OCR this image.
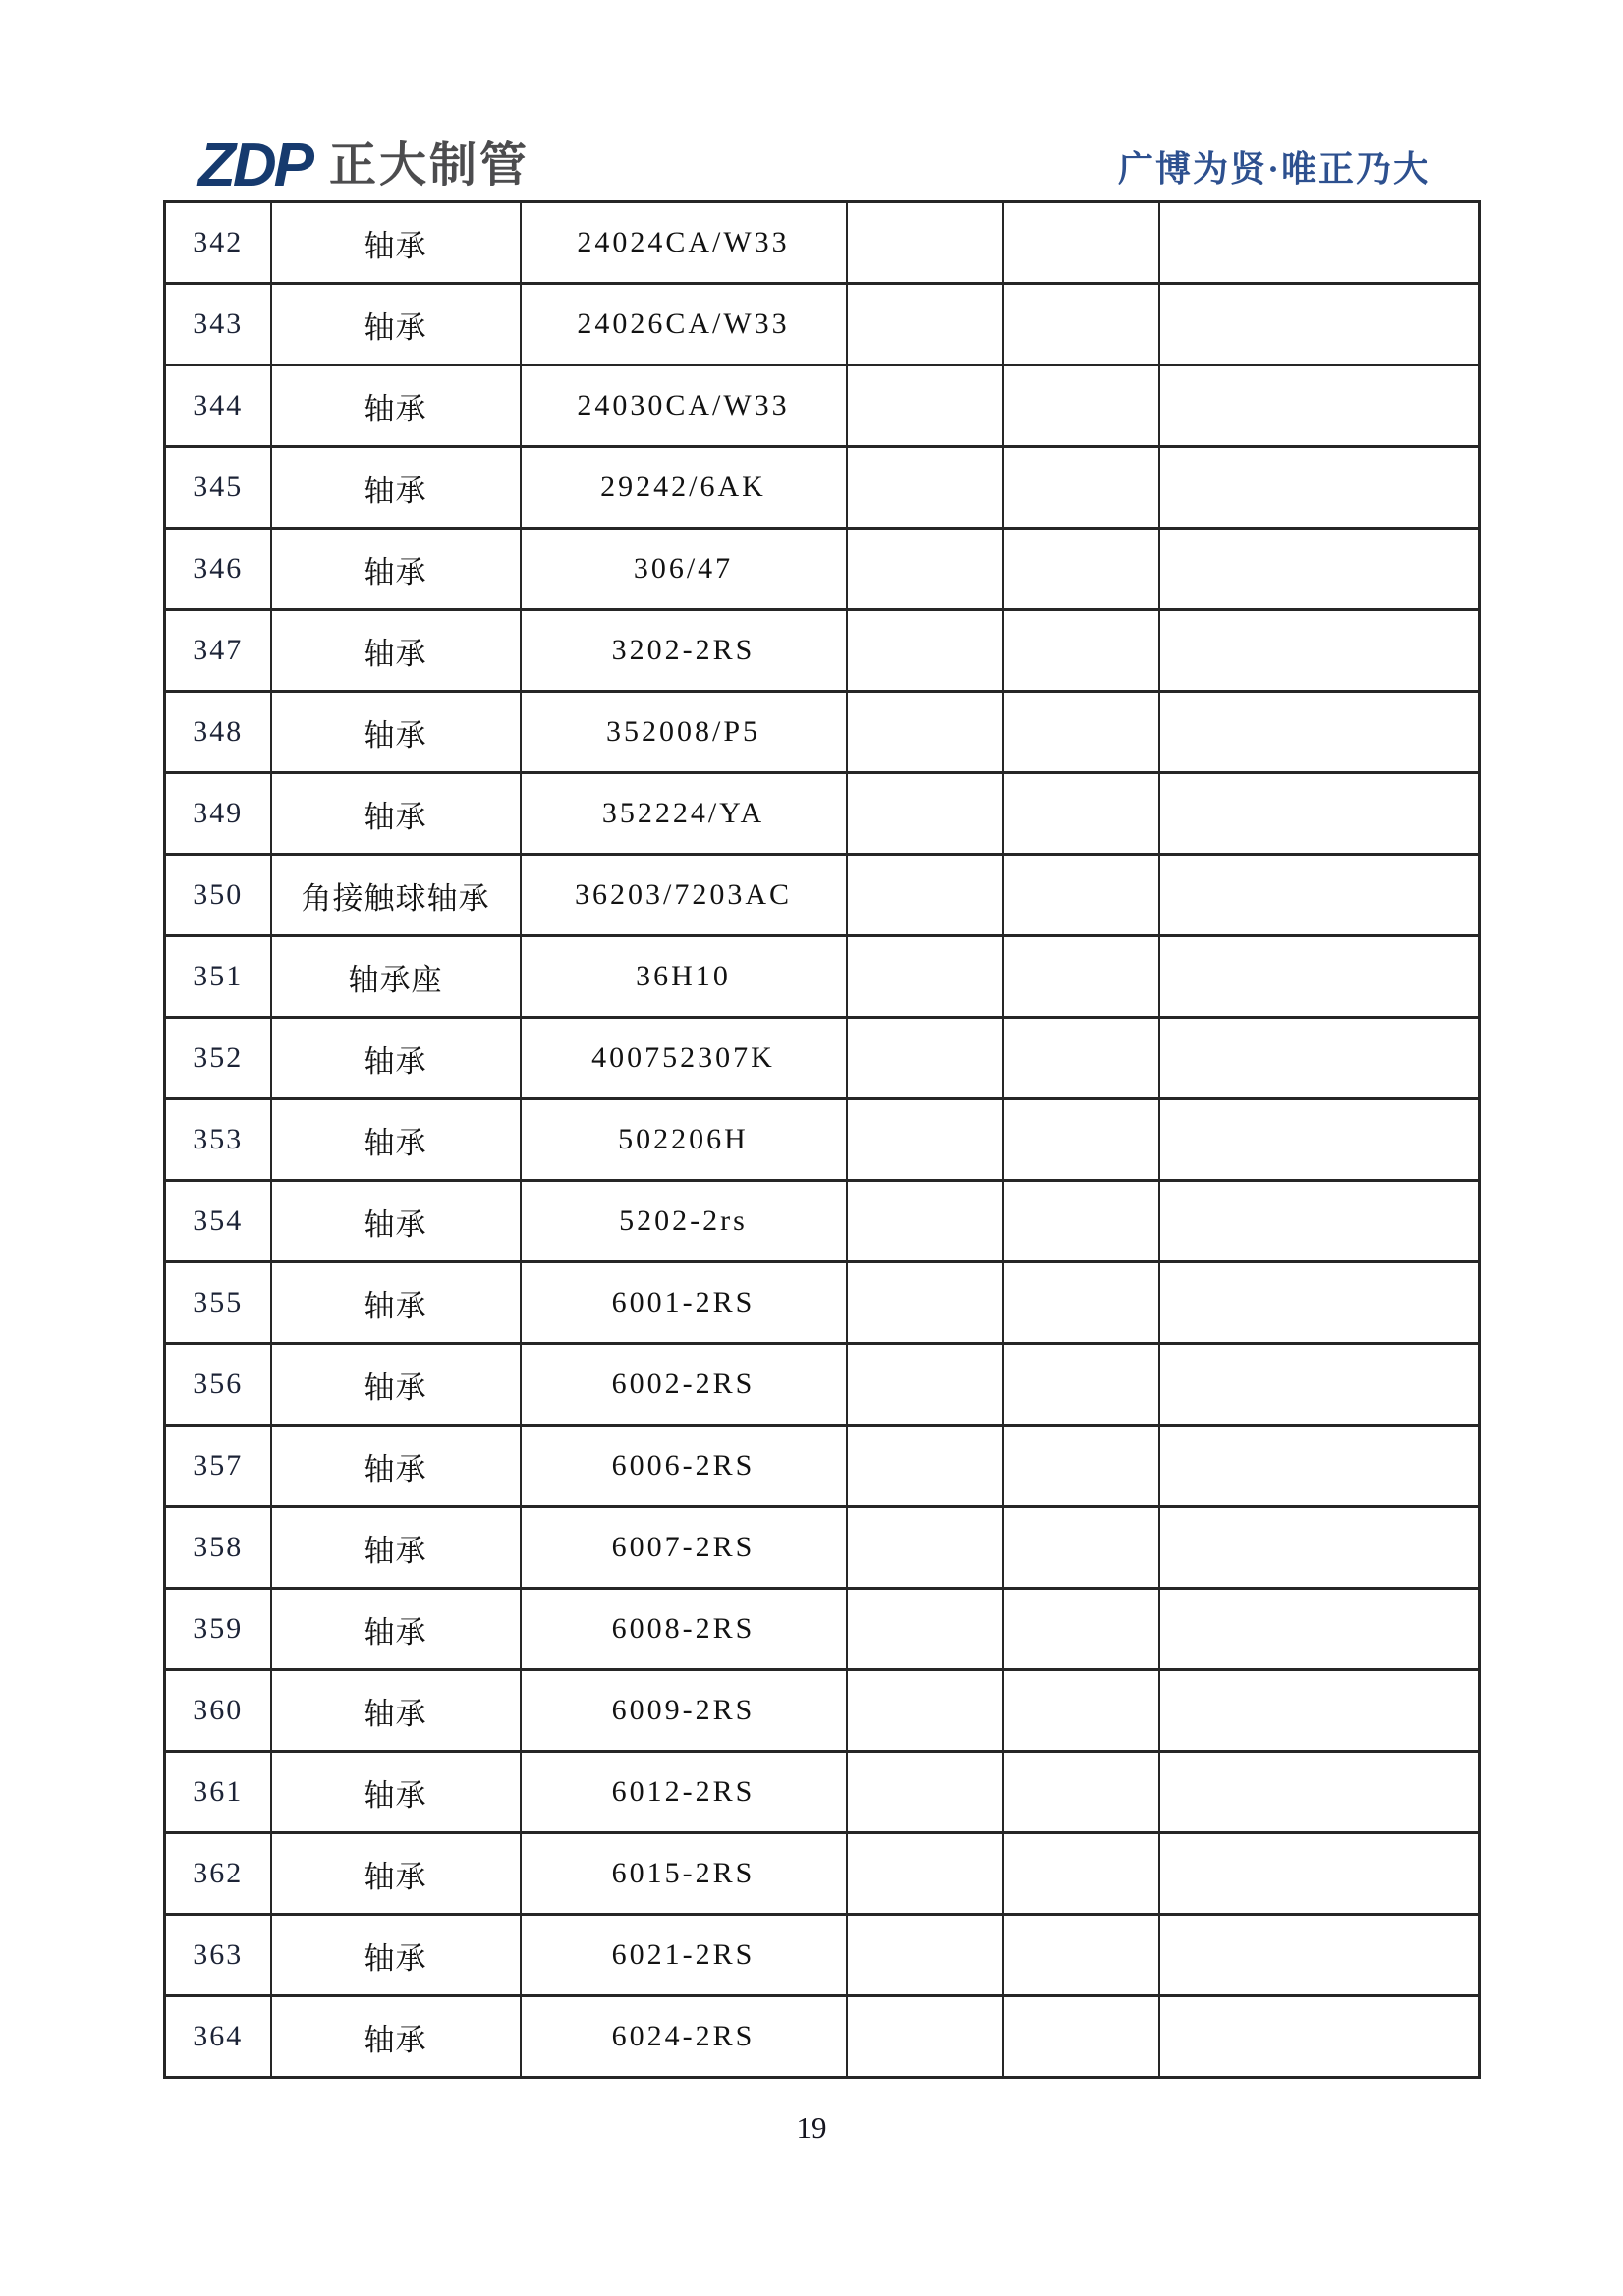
ZDP 正大制管	广博为贤·唯正乃大
342	轴承	24024CA/W33			
343	轴承	24026CA/W33			
344	轴承	24030CA/W33			
345	轴承	29242/6AK			
346	轴承	306/47			
347	轴承	3202-2RS			
348	轴承	352008/P5			
349	轴承	352224/YA			
350	角接触球轴承	36203/7203AC			
351	轴承座	36H10			
352	轴承	400752307K			
353	轴承	502206H			
354	轴承	5202-2rs			
355	轴承	6001-2RS			
356	轴承	6002-2RS			
357	轴承	6006-2RS			
358	轴承	6007-2RS			
359	轴承	6008-2RS			
360	轴承	6009-2RS			
361	轴承	6012-2RS			
362	轴承	6015-2RS			
363	轴承	6021-2RS			
364	轴承	6024-2RS			
19
